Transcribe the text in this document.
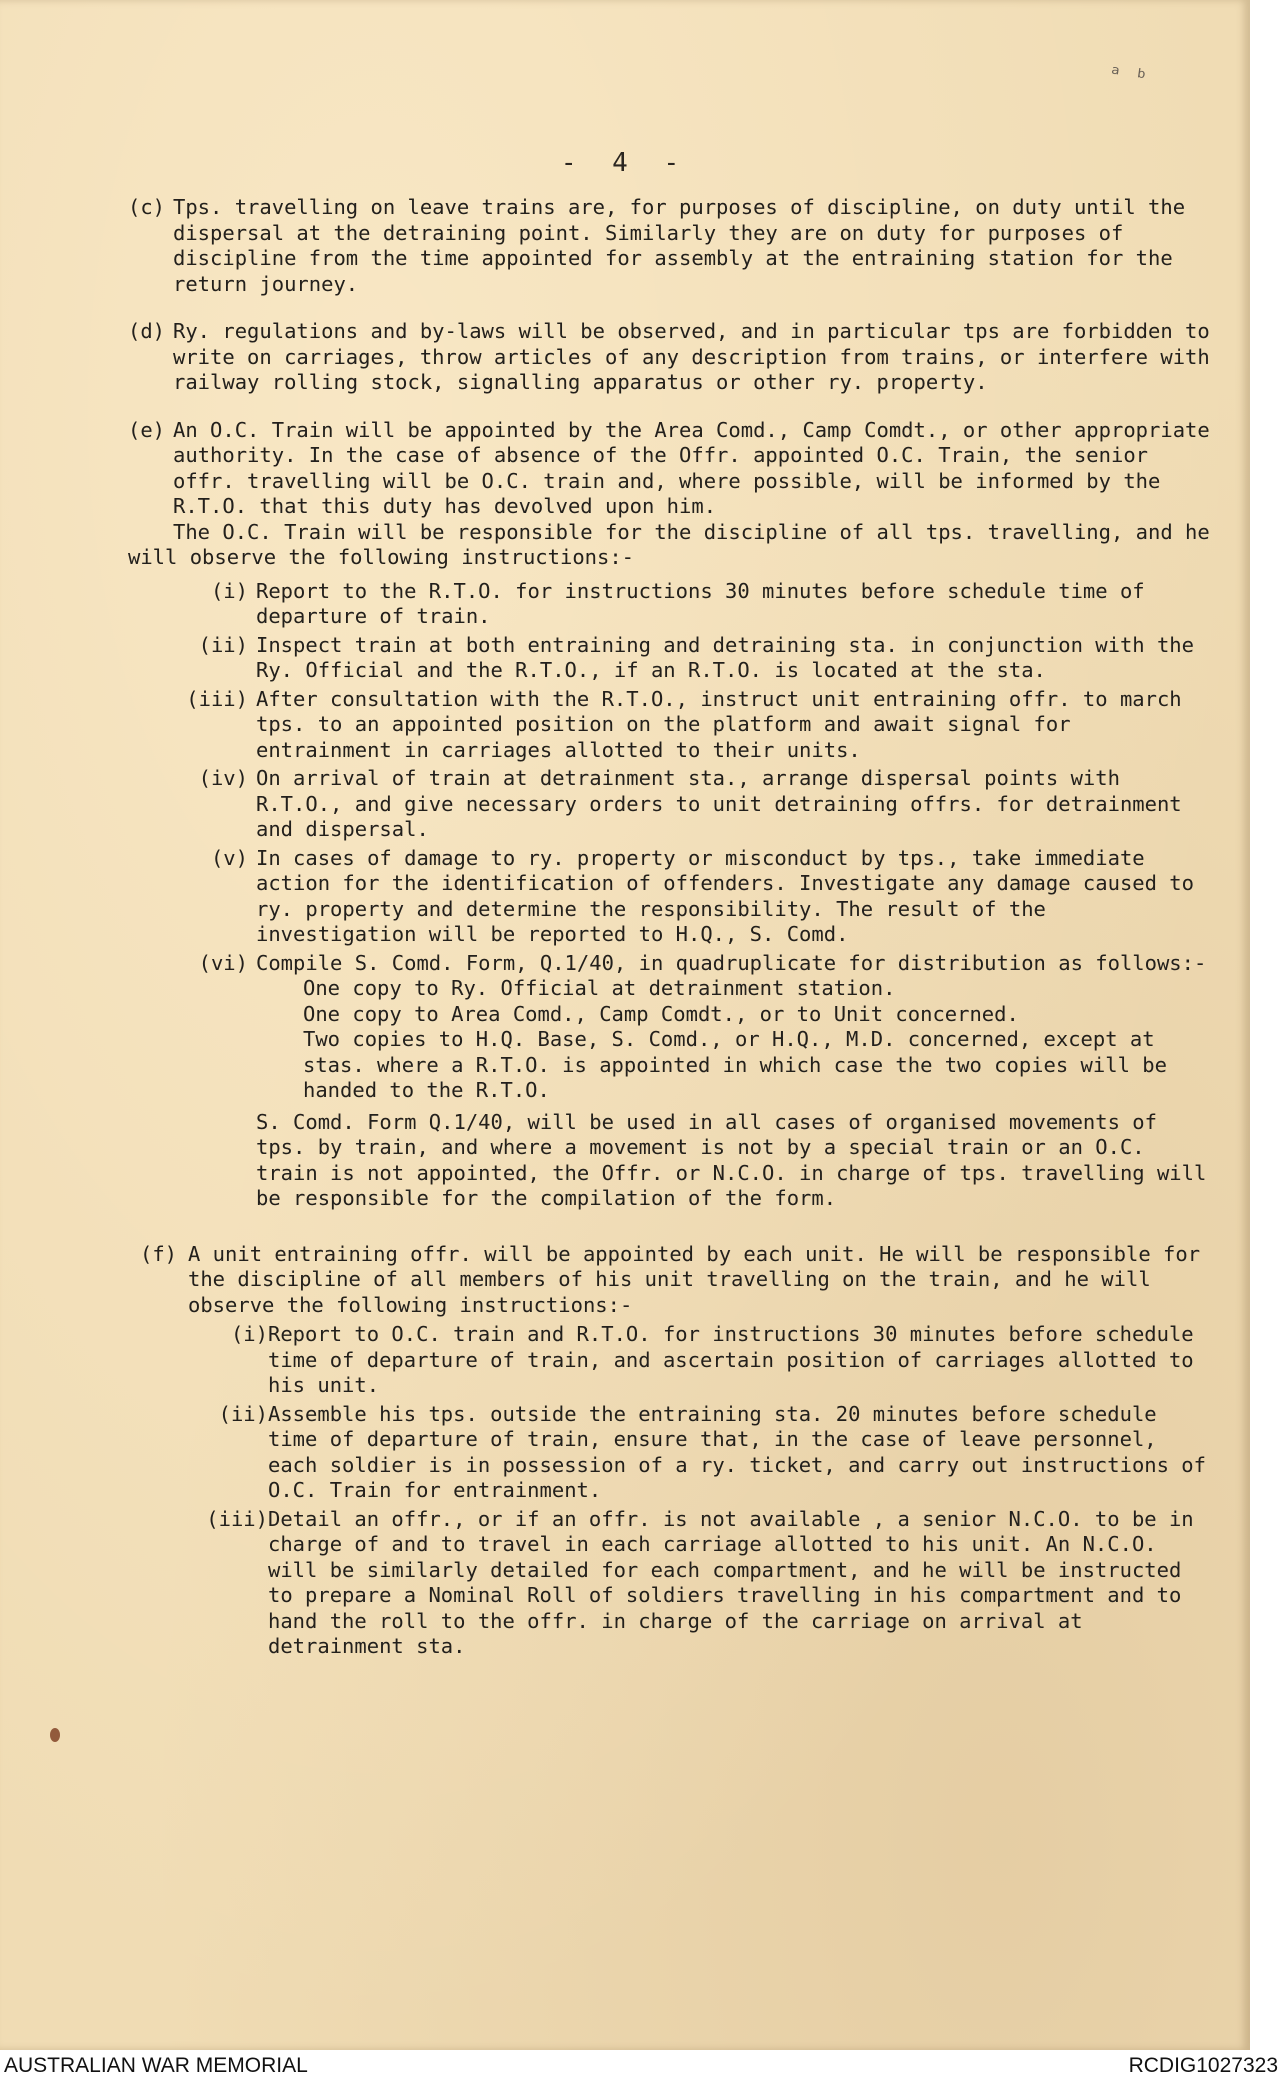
ᵃ ᵇ
- 4 -
(c) Tps. travelling on leave trains are, for purposes of discipline, on duty until the dispersal at the detraining point. Similarly they are on duty for purposes of discipline from the time appointed for assembly at the entraining station for the return journey.
(d) Ry. regulations and by-laws will be observed, and in particular tps are forbidden to write on carriages, throw articles of any description from trains, or interfere with railway rolling stock, signalling apparatus or other ry. property.
(e) An O.C. Train will be appointed by the Area Comd., Camp Comdt., or other appropriate authority. In the case of absence of the Offr. appointed O.C. Train, the senior offr. travelling will be O.C. train and, where possible, will be informed by the R.T.O. that this duty has devolved upon him.
The O.C. Train will be responsible for the discipline of all tps. travelling, and he will observe the following instructions:-
(i) Report to the R.T.O. for instructions 30 minutes before schedule time of departure of train.
(ii) Inspect train at both entraining and detraining sta. in conjunction with the Ry. Official and the R.T.O., if an R.T.O. is located at the sta.
(iii) After consultation with the R.T.O., instruct unit entraining offr. to march tps. to an appointed position on the platform and await signal for entrainment in carriages allotted to their units.
(iv) On arrival of train at detrainment sta., arrange dispersal points with R.T.O., and give necessary orders to unit detraining offrs. for detrainment and dispersal.
(v) In cases of damage to ry. property or misconduct by tps., take immediate action for the identification of offenders. Investigate any damage caused to ry. property and determine the responsibility. The result of the investigation will be reported to H.Q., S. Comd.
(vi) Compile S. Comd. Form, Q.1/40, in quadruplicate for distribution as follows:-
One copy to Ry. Official at detrainment station.
One copy to Area Comd., Camp Comdt., or to Unit concerned.
Two copies to H.Q. Base, S. Comd., or H.Q., M.D. concerned, except at stas. where a R.T.O. is appointed in which case the two copies will be handed to the R.T.O.
S. Comd. Form Q.1/40, will be used in all cases of organised movements of tps. by train, and where a movement is not by a special train or an O.C. train is not appointed, the Offr. or N.C.O. in charge of tps. travelling will be responsible for the compilation of the form.
(f) A unit entraining offr. will be appointed by each unit. He will be responsible for the discipline of all members of his unit travelling on the train, and he will observe the following instructions:-
(i) Report to O.C. train and R.T.O. for instructions 30 minutes before schedule time of departure of train, and ascertain position of carriages allotted to his unit.
(ii) Assemble his tps. outside the entraining sta. 20 minutes before schedule time of departure of train, ensure that, in the case of leave personnel, each soldier is in possession of a ry. ticket, and carry out instructions of O.C. Train for entrainment.
(iii) Detail an offr., or if an offr. is not available , a senior N.C.O. to be in charge of and to travel in each carriage allotted to his unit. An N.C.O. will be similarly detailed for each compartment, and he will be instructed to prepare a Nominal Roll of soldiers travelling in his compartment and to hand the roll to the offr. in charge of the carriage on arrival at detrainment sta.
AUSTRALIAN WAR MEMORIAL	RCDIG1027323
